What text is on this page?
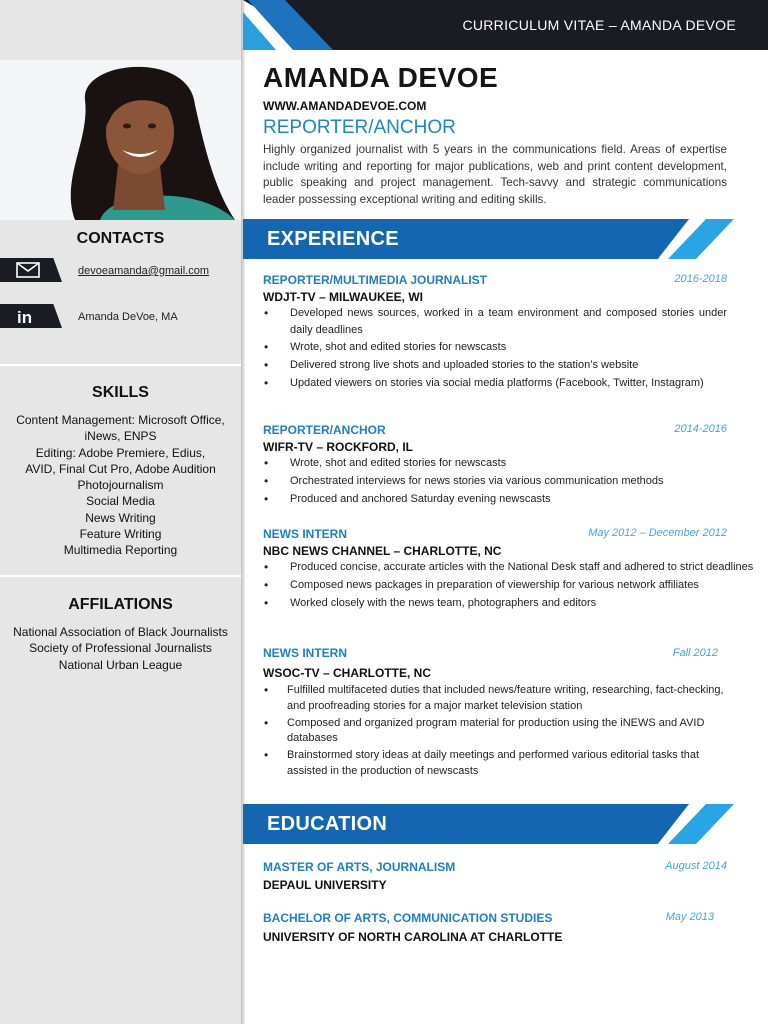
CONTACTS
devoeamanda@gmail.com
in	Amanda DeVoe, MA
SKILLS
Content Management: Microsoft Office,
iNews, ENPS
Editing: Adobe Premiere, Edius,
AVID, Final Cut Pro, Adobe Audition
Photojournalism
Social Media
News Writing
Feature Writing
Multimedia Reporting
AFFILATIONS
National Association of Black Journalists
Society of Professional Journalists
National Urban League
CURRICULUM VITAE – AMANDA DEVOE
AMANDA DEVOE
WWW.AMANDADEVOE.COM
REPORTER/ANCHOR
Highly organized journalist with 5 years in the communications field. Areas of expertise include writing and reporting for major publications, web and print content development, public speaking and project management. Tech-savvy and strategic communications leader possessing exceptional writing and editing skills.
EXPERIENCE
REPORTER/MULTIMEDIA JOURNALIST	2016-2018
WDJT-TV – MILWAUKEE, WI
• Developed news sources, worked in a team environment and composed stories under daily deadlines
• Wrote, shot and edited stories for newscasts
• Delivered strong live shots and uploaded stories to the station’s website
• Updated viewers on stories via social media platforms (Facebook, Twitter, Instagram)
REPORTER/ANCHOR	2014-2016
WIFR-TV – ROCKFORD, IL
• Wrote, shot and edited stories for newscasts
• Orchestrated interviews for news stories via various communication methods
• Produced and anchored Saturday evening newscasts
NEWS INTERN	May 2012 – December 2012
NBC NEWS CHANNEL – CHARLOTTE, NC
• Produced concise, accurate articles with the National Desk staff and adhered to strict deadlines
• Composed news packages in preparation of viewership for various network affiliates
• Worked closely with the news team, photographers and editors
NEWS INTERN	Fall 2012
WSOC-TV – CHARLOTTE, NC
• Fulfilled multifaceted duties that included news/feature writing, researching, fact-checking, and proofreading stories for a major market television station
• Composed and organized program material for production using the iNEWS and AVID databases
• Brainstormed story ideas at daily meetings and performed various editorial tasks that assisted in the production of newscasts
EDUCATION
MASTER OF ARTS, JOURNALISM	August 2014
DEPAUL UNIVERSITY
BACHELOR OF ARTS, COMMUNICATION STUDIES	May 2013
UNIVERSITY OF NORTH CAROLINA AT CHARLOTTE
